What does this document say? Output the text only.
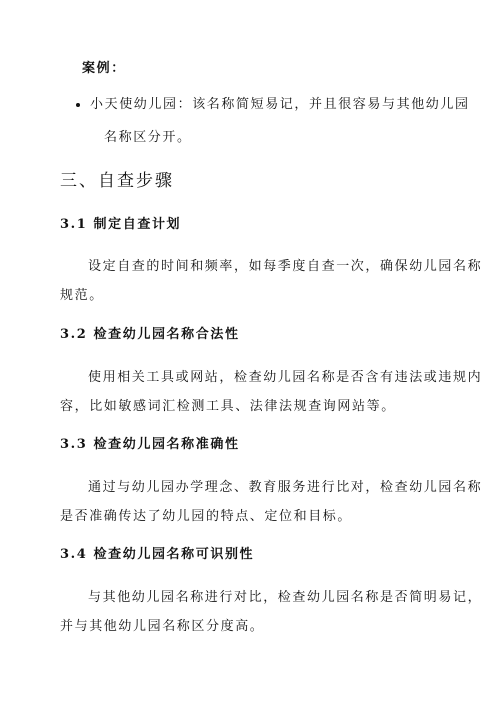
案例：
小天使幼儿园：该名称简短易记，并且很容易与其他幼儿园
名称区分开。
三、自查步骤
3.1 制定自查计划
设定自查的时间和频率，如每季度自查一次，确保幼儿园名称
规范。
3.2 检查幼儿园名称合法性
使用相关工具或网站，检查幼儿园名称是否含有违法或违规内
容，比如敏感词汇检测工具、法律法规查询网站等。
3.3 检查幼儿园名称准确性
通过与幼儿园办学理念、教育服务进行比对，检查幼儿园名称
是否准确传达了幼儿园的特点、定位和目标。
3.4 检查幼儿园名称可识别性
与其他幼儿园名称进行对比，检查幼儿园名称是否简明易记，
并与其他幼儿园名称区分度高。
